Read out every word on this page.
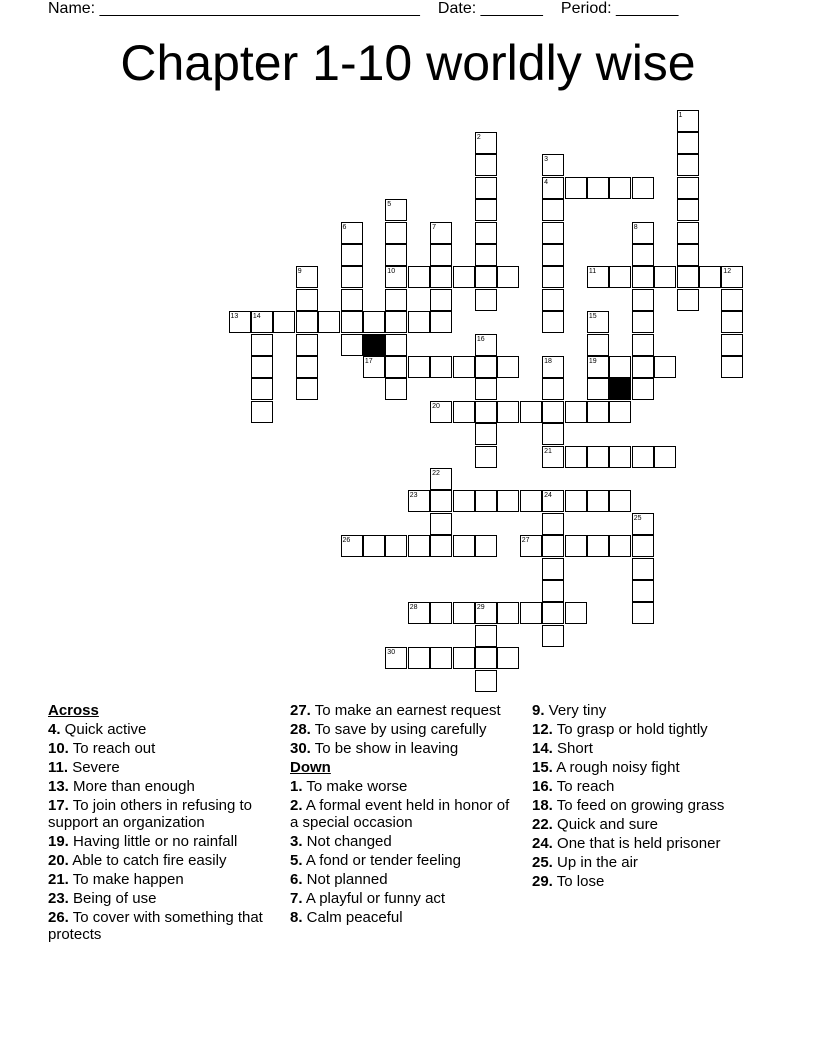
Name: ____________________________________ Date: _______ Period: _______
Chapter 1-10 worldly wise
4
10	11	12
13 14
17	19
20
21
23	24
26	27
28	29
30
1
2
3
5
6	7	8
9
15
16
18
22
25
Across
4. Quick active
10. To reach out
11. Severe
13. More than enough
17. To join others in refusing to support an organization
19. Having little or no rainfall
20. Able to catch fire easily
21. To make happen
23. Being of use
26. To cover with something that protects
27. To make an earnest request
28. To save by using carefully
30. To be show in leaving
Down
1. To make worse
2. A formal event held in honor of a special occasion
3. Not changed
5. A fond or tender feeling
6. Not planned
7. A playful or funny act
8. Calm peaceful
9. Very tiny
12. To grasp or hold tightly
14. Short
15. A rough noisy fight
16. To reach
18. To feed on growing grass
22. Quick and sure
24. One that is held prisoner
25. Up in the air
29. To lose
